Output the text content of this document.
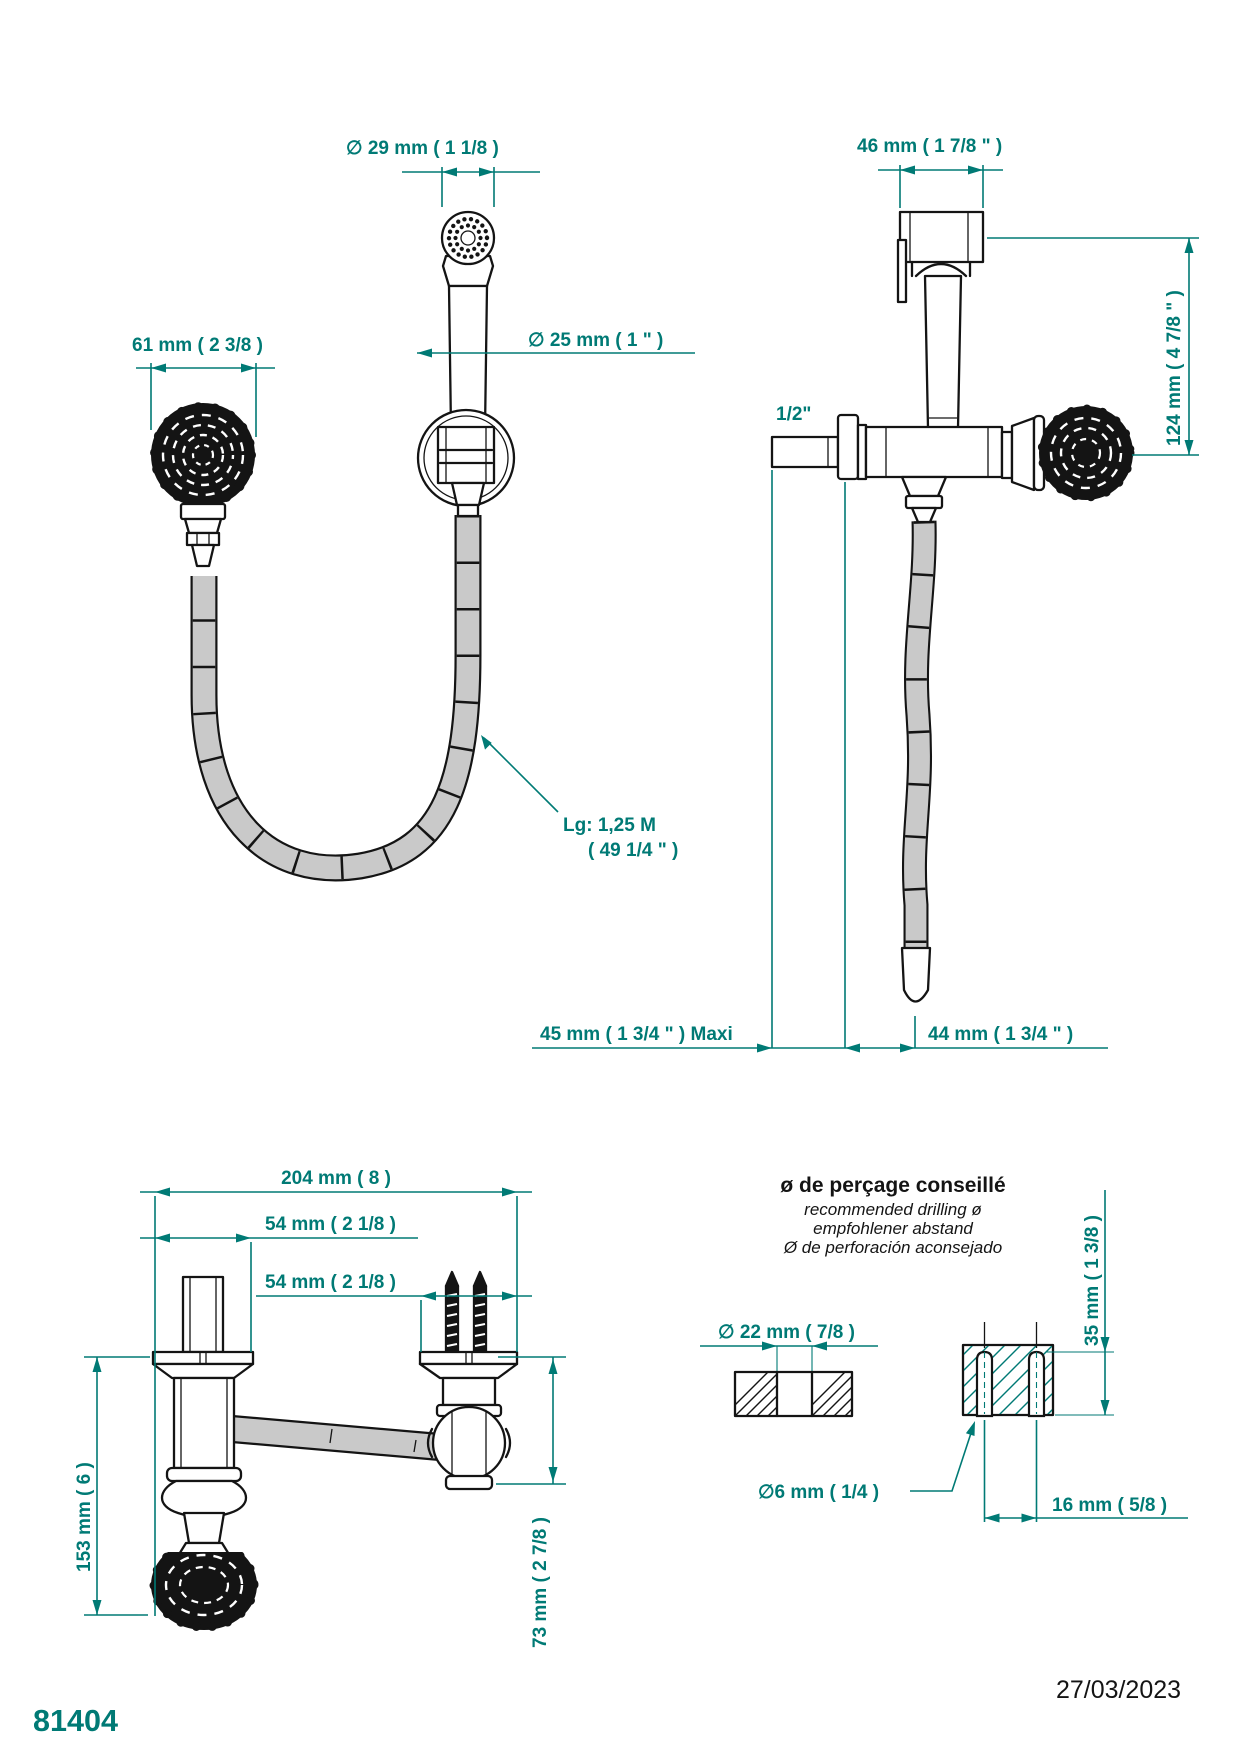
∅ 29 mm ( 1 1/8 )
61 mm ( 2 3/8 )	∅ 25 mm ( 1 " )
Lg: 1,25 M
( 49 1/4 " )
46 mm ( 1 7/8 " )
1/2"	124 mm ( 4 7/8 " )
45 mm ( 1 3/4 " ) Maxi	44 mm ( 1 3/4 " )
204 mm ( 8 )
54 mm ( 2 1/8 )
54 mm ( 2 1/8 )
153 mm ( 6 )	73 mm ( 2 7/8 )
ø de perçage conseillé
recommended drilling ø
empfohlener abstand
Ø de perforación aconsejado
∅ 22 mm ( 7/8 )	35 mm ( 1 3/8 )
∅6 mm ( 1/4 )
16 mm ( 5/8 )
81404
27/03/2023
